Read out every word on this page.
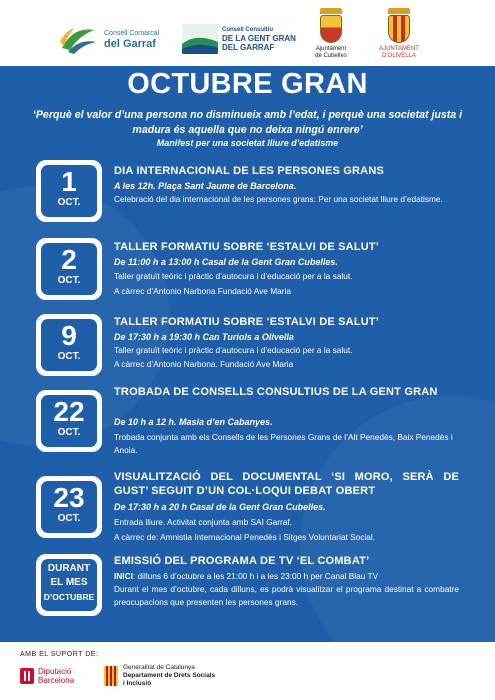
Consell Comarcal
del Garraf
Consell Consultiu
DE LA GENT GRAN
DEL GARRAF	Ajuntament
de Cubelles
AJUNTAMENT
D'OLIVELLA
OCTUBRE GRAN
‘Perquè el valor d’una persona no disminueix amb l’edat, i perquè una societat justa i madura és aquella que no deixa ningú enrere’
Manifest per una societat lliure d’edatisme
1
OCT.
DIA INTERNACIONAL DE LES PERSONES GRANS
A les 12h. Plaça Sant Jaume de Barcelona.
Celebració del dia internacional de les persones grans: Per una societat lliure d’edatisme.
2
OCT.
TALLER FORMATIU SOBRE ‘ESTALVI DE SALUT’
De 11:00 h a 13:00 h Casal de la Gent Gran Cubelles.
Taller gratuït teòric i pràctic d’autocura i d’educació per a la salut.
A càrrec d’Antonio Narbona Fundació Ave Maria
9
OCT.
TALLER FORMATIU SOBRE ‘ESTALVI DE SALUT’
De 17:30 h a 19:30 h Can Turiols a Olivella
Taller gratuït teòric i pràctic d’autocura i d’educació per a la salut.
A càrrec d’Antonio Narbona. Fundació Ave Maria
22
OCT.
TROBADA DE CONSELLS CONSULTIUS DE LA GENT GRAN
De 10 h a 12 h. Masia d’en Cabanyes.
Trobada conjunta amb els Consells de les Persones Grans de l’Alt Penedès, Baix Penedès i Anoia.
23
OCT.
VISUALITZACIÓ DEL DOCUMENTAL ‘SI MORO, SERÀ DE GUST’ SEGUIT D’UN COL·LOQUI DEBAT OBERT
De 17:30 h a 20 h Casal de la Gent Gran Cubelles.
Entrada lliure. Activitat conjunta amb SAI Garraf.
A càrrec de: Amnistia Internacional Penedès i Sitges Voluntariat Social.
DURANT
EL MES
D’OCTUBRE
EMISSIÓ DEL PROGRAMA DE TV ‘EL COMBAT’
INICI: dilluns 6 d’octubre a les 21:00 h i a les 23:00 h per Canal Blau TV
Durant el mes d’octubre, cada dilluns, es podrà visualitzar el programa destinat a combatre preocupacions que presenten les persones grans.
AMB EL SUPORT DE:
Diputació
Barcelona
Generalitat de Catalunya
Departament de Drets Socials
i Inclusió
